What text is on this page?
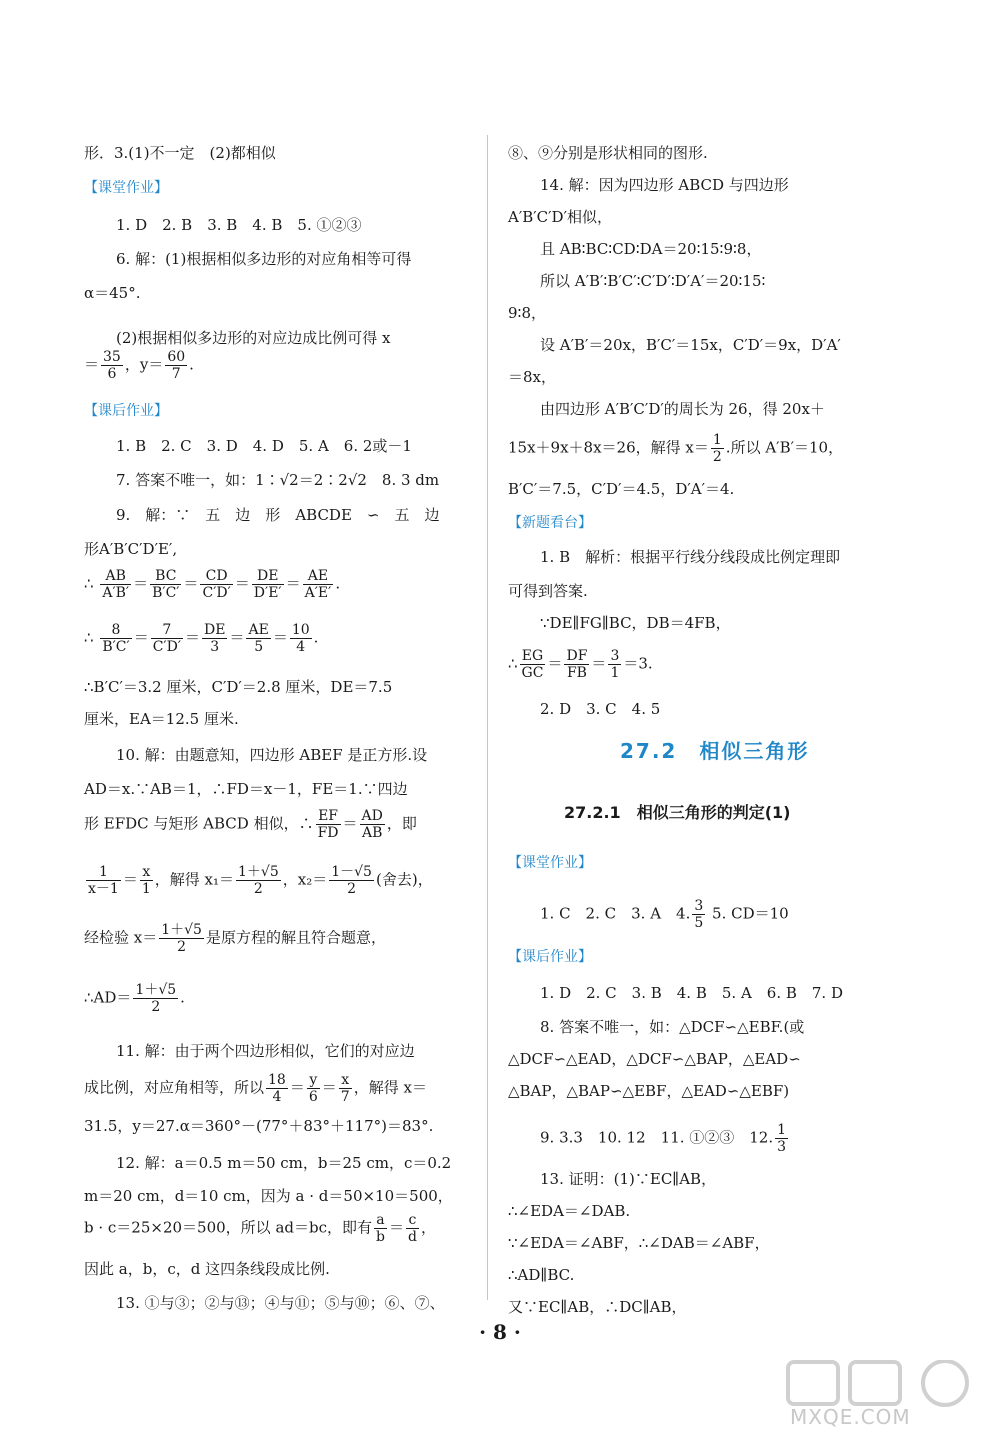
形．3.(1)不一定　(2)都相似
【课堂作业】
1. D　2. B　3. B　4. B　5. ①②③
6. 解：(1)根据相似多边形的对应角相等可得
α＝45°.
(2)根据相似多边形的对应边成比例可得 x
＝ $\frac{35}{6}$ ，$y= \frac{60}{7}$ .
【课后作业】
1. B　2. C　3. D　4. D　5. A　6. 2或－1
7. 答案不唯一，如：1∶√2＝2∶2√2　8. 3 dm
9.　解：∵　五　边　形　ABCDE　∽　五　边
形A′B′C′D′E′,
∴ $\frac{AB}{A'B'} = \frac{BC}{B'C'} = \frac{CD}{C'D'} = \frac{DE}{D'E'} = \frac{AE}{A'E'}$ .
∴ $\frac{8}{B'C'} = \frac{7}{C'D'} = \frac{DE}{3} = \frac{AE}{5} = \frac{10}{4}$ .
∴B′C′＝3.2 厘米，C′D′＝2.8 厘米，DE＝7.5
厘米，EA＝12.5 厘米.
10. 解：由题意知，四边形 ABEF 是正方形.设
AD＝x.∵AB＝1，∴FD＝x－1，FE＝1.∵四边
形 EFDC 与矩形 ABCD 相似，∴ $\frac{EF}{FD} = \frac{AD}{AB}$ ，即
$\frac{1}{x-1} = \frac{x}{1}$ ，解得 $x_1= \frac{1+√5}{2}$ ，$x_2= \frac{1-√5}{2}$ (舍去)，
经检验 $x= \frac{1+√5}{2}$ 是原方程的解且符合题意，
∴AD＝ $\frac{1+√5}{2}$ .
11. 解：由于两个四边形相似，它们的对应边
成比例，对应角相等，所以 $\frac{18}{4} = \frac{y}{6} = \frac{x}{7}$ ，解得 x＝
31.5，y＝27.α＝360°－(77°＋83°＋117°)＝83°.
12. 解：a＝0.5 m＝50 cm，b＝25 cm，c＝0.2
m＝20 cm，d＝10 cm，因为 a · d＝50×10＝500，
b · c＝25×20＝500，所以 ad＝bc，即有 $\frac{a}{b} = \frac{c}{d}$ ，
因此 a，b，c，d 这四条线段成比例.
13. ①与③；②与⑬；④与⑪；⑤与⑩；⑥、⑦、
⑧、⑨分别是形状相同的图形.
14. 解：因为四边形 ABCD 与四边形
A′B′C′D′相似，
且 AB∶BC∶CD∶DA＝20∶15∶9∶8，
所以 A′B′∶B′C′∶C′D′∶D′A′＝20∶15∶
9∶8，
设 A′B′＝20x，B′C′＝15x，C′D′＝9x，D′A′
＝8x，
由四边形 A′B′C′D′的周长为 26，得 20x＋
15x＋9x＋8x＝26，解得 $x= \frac{1}{2}$ .所以 A′B′＝10，
B′C′＝7.5，C′D′＝4.5，D′A′＝4.
【新题看台】
1. B　解析：根据平行线分线段成比例定理即
可得到答案.
∵DE∥FG∥BC，DB＝4FB，
∴ $\frac{EG}{GC} = \frac{DF}{FB} = \frac{3}{1} =3$.
2. D　3. C　4. 5
27.2　相似三角形
27.2.1　相似三角形的判定(1)
【课堂作业】
1. C　2. C　3. A　4. $\frac{3}{5} 5$. CD＝10
【课后作业】
1. D　2. C　3. B　4. B　5. A　6. B　7. D
8. 答案不唯一，如：△DCF∽△EBF.(或
△DCF∽△EAD，△DCF∽△BAP，△EAD∽
△BAP，△BAP∽△EBF，△EAD∽△EBF)
9. 3.3　10. 12　11. ①②③　12. $\frac{1}{3}$
13. 证明：(1)∵EC∥AB，
∴∠EDA＝∠DAB.
∵∠EDA＝∠ABF，∴∠DAB＝∠ABF，
∴AD∥BC.
又∵EC∥AB，∴DC∥AB，
· 8 ·
MXQE.COM
